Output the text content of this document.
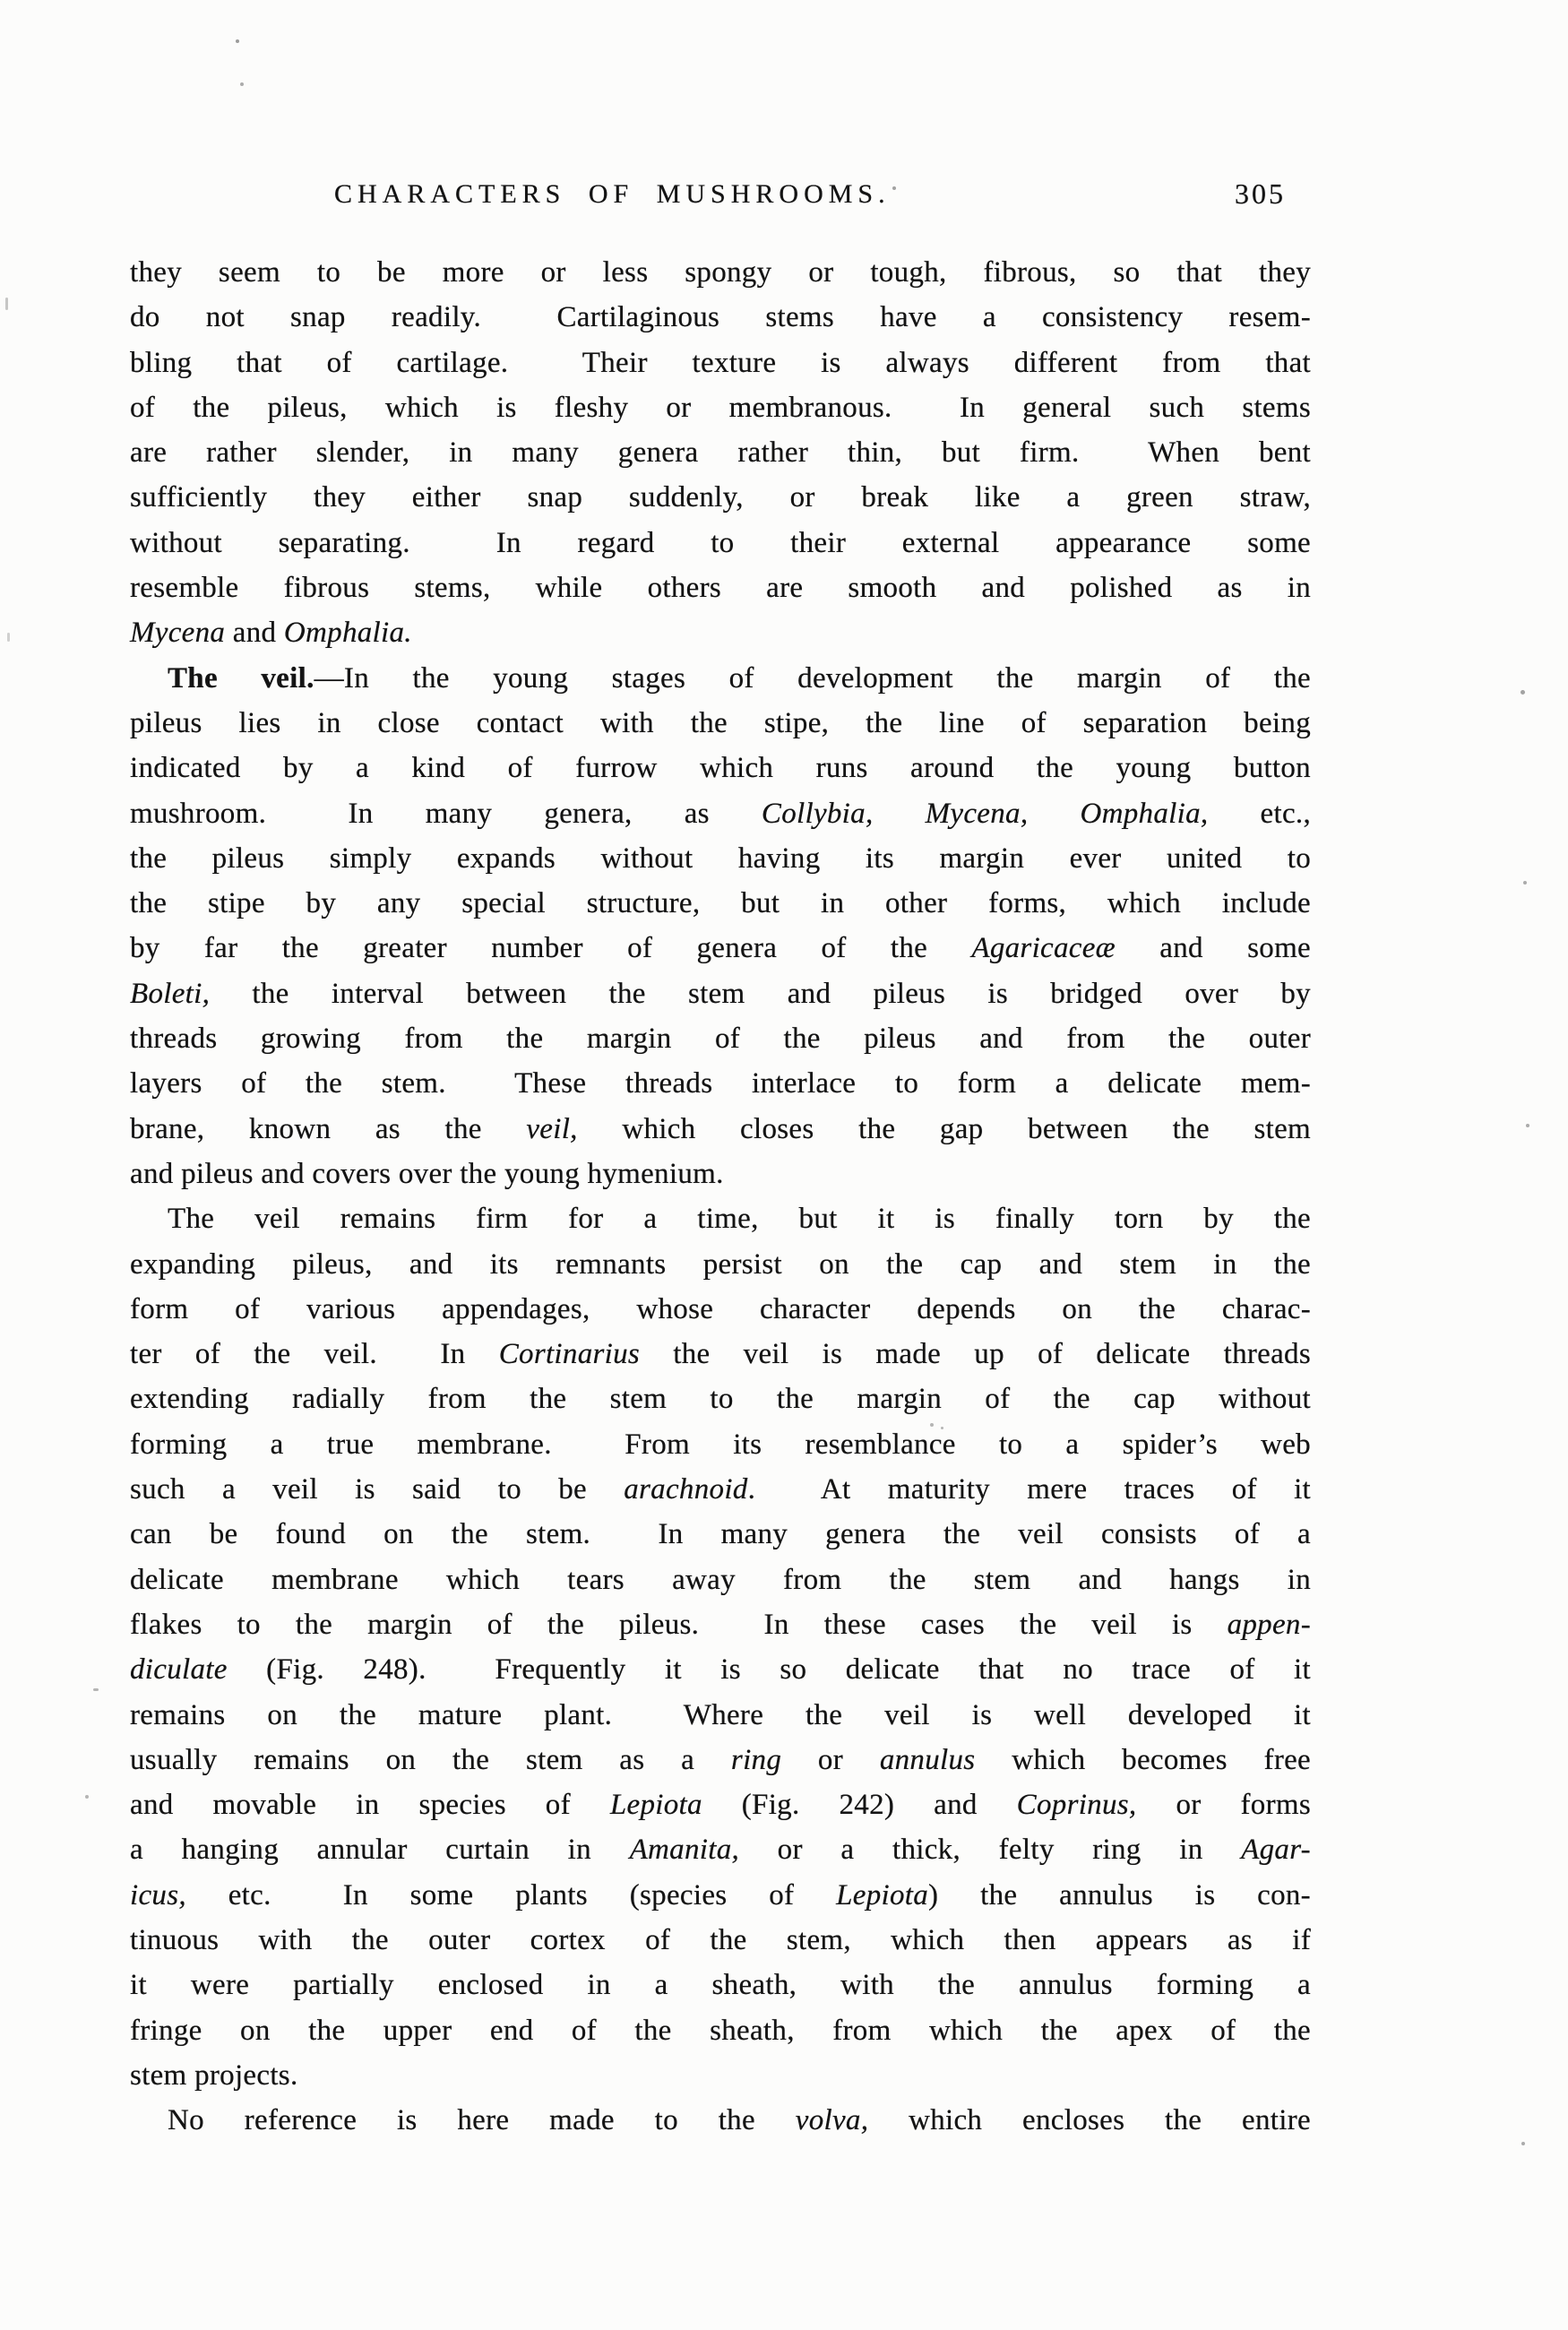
CHARACTERS OF MUSHROOMS.	305
they seem to be more or less spongy or tough, fibrous, so that they
do not snap readily.  Cartilaginous stems have a consistency resem-
bling that of cartilage.  Their texture is always different from that
of the pileus, which is fleshy or membranous.  In general such stems
are rather slender, in many genera rather thin, but firm.  When bent
sufficiently they either snap suddenly, or break like a green straw,
without separating.  In regard to their external appearance some
resemble fibrous stems, while others are smooth and polished as in
Mycena and Omphalia.
The veil.—In the young stages of development the margin of the
pileus lies in close contact with the stipe, the line of separation being
indicated by a kind of furrow which runs around the young button
mushroom.  In many genera, as Collybia, Mycena, Omphalia, etc.,
the pileus simply expands without having its margin ever united to
the stipe by any special structure, but in other forms, which include
by far the greater number of genera of the Agaricaceæ and some
Boleti, the interval between the stem and pileus is bridged over by
threads growing from the margin of the pileus and from the outer
layers of the stem.  These threads interlace to form a delicate mem-
brane, known as the veil, which closes the gap between the stem
and pileus and covers over the young hymenium.
The veil remains firm for a time, but it is finally torn by the
expanding pileus, and its remnants persist on the cap and stem in the
form of various appendages, whose character depends on the charac-
ter of the veil.  In Cortinarius the veil is made up of delicate threads
extending radially from the stem to the margin of the cap without
forming a true membrane.  From its resemblance to a spider’s web
such a veil is said to be arachnoid.  At maturity mere traces of it
can be found on the stem.  In many genera the veil consists of a
delicate membrane which tears away from the stem and hangs in
flakes to the margin of the pileus.  In these cases the veil is appen-
diculate (Fig. 248).  Frequently it is so delicate that no trace of it
remains on the mature plant.  Where the veil is well developed it
usually remains on the stem as a ring or annulus which becomes free
and movable in species of Lepiota (Fig. 242) and Coprinus, or forms
a hanging annular curtain in Amanita, or a thick, felty ring in Agar-
icus, etc.  In some plants (species of Lepiota) the annulus is con-
tinuous with the outer cortex of the stem, which then appears as if
it were partially enclosed in a sheath, with the annulus forming a
fringe on the upper end of the sheath, from which the apex of the
stem projects.
No reference is here made to the volva, which encloses the entire
